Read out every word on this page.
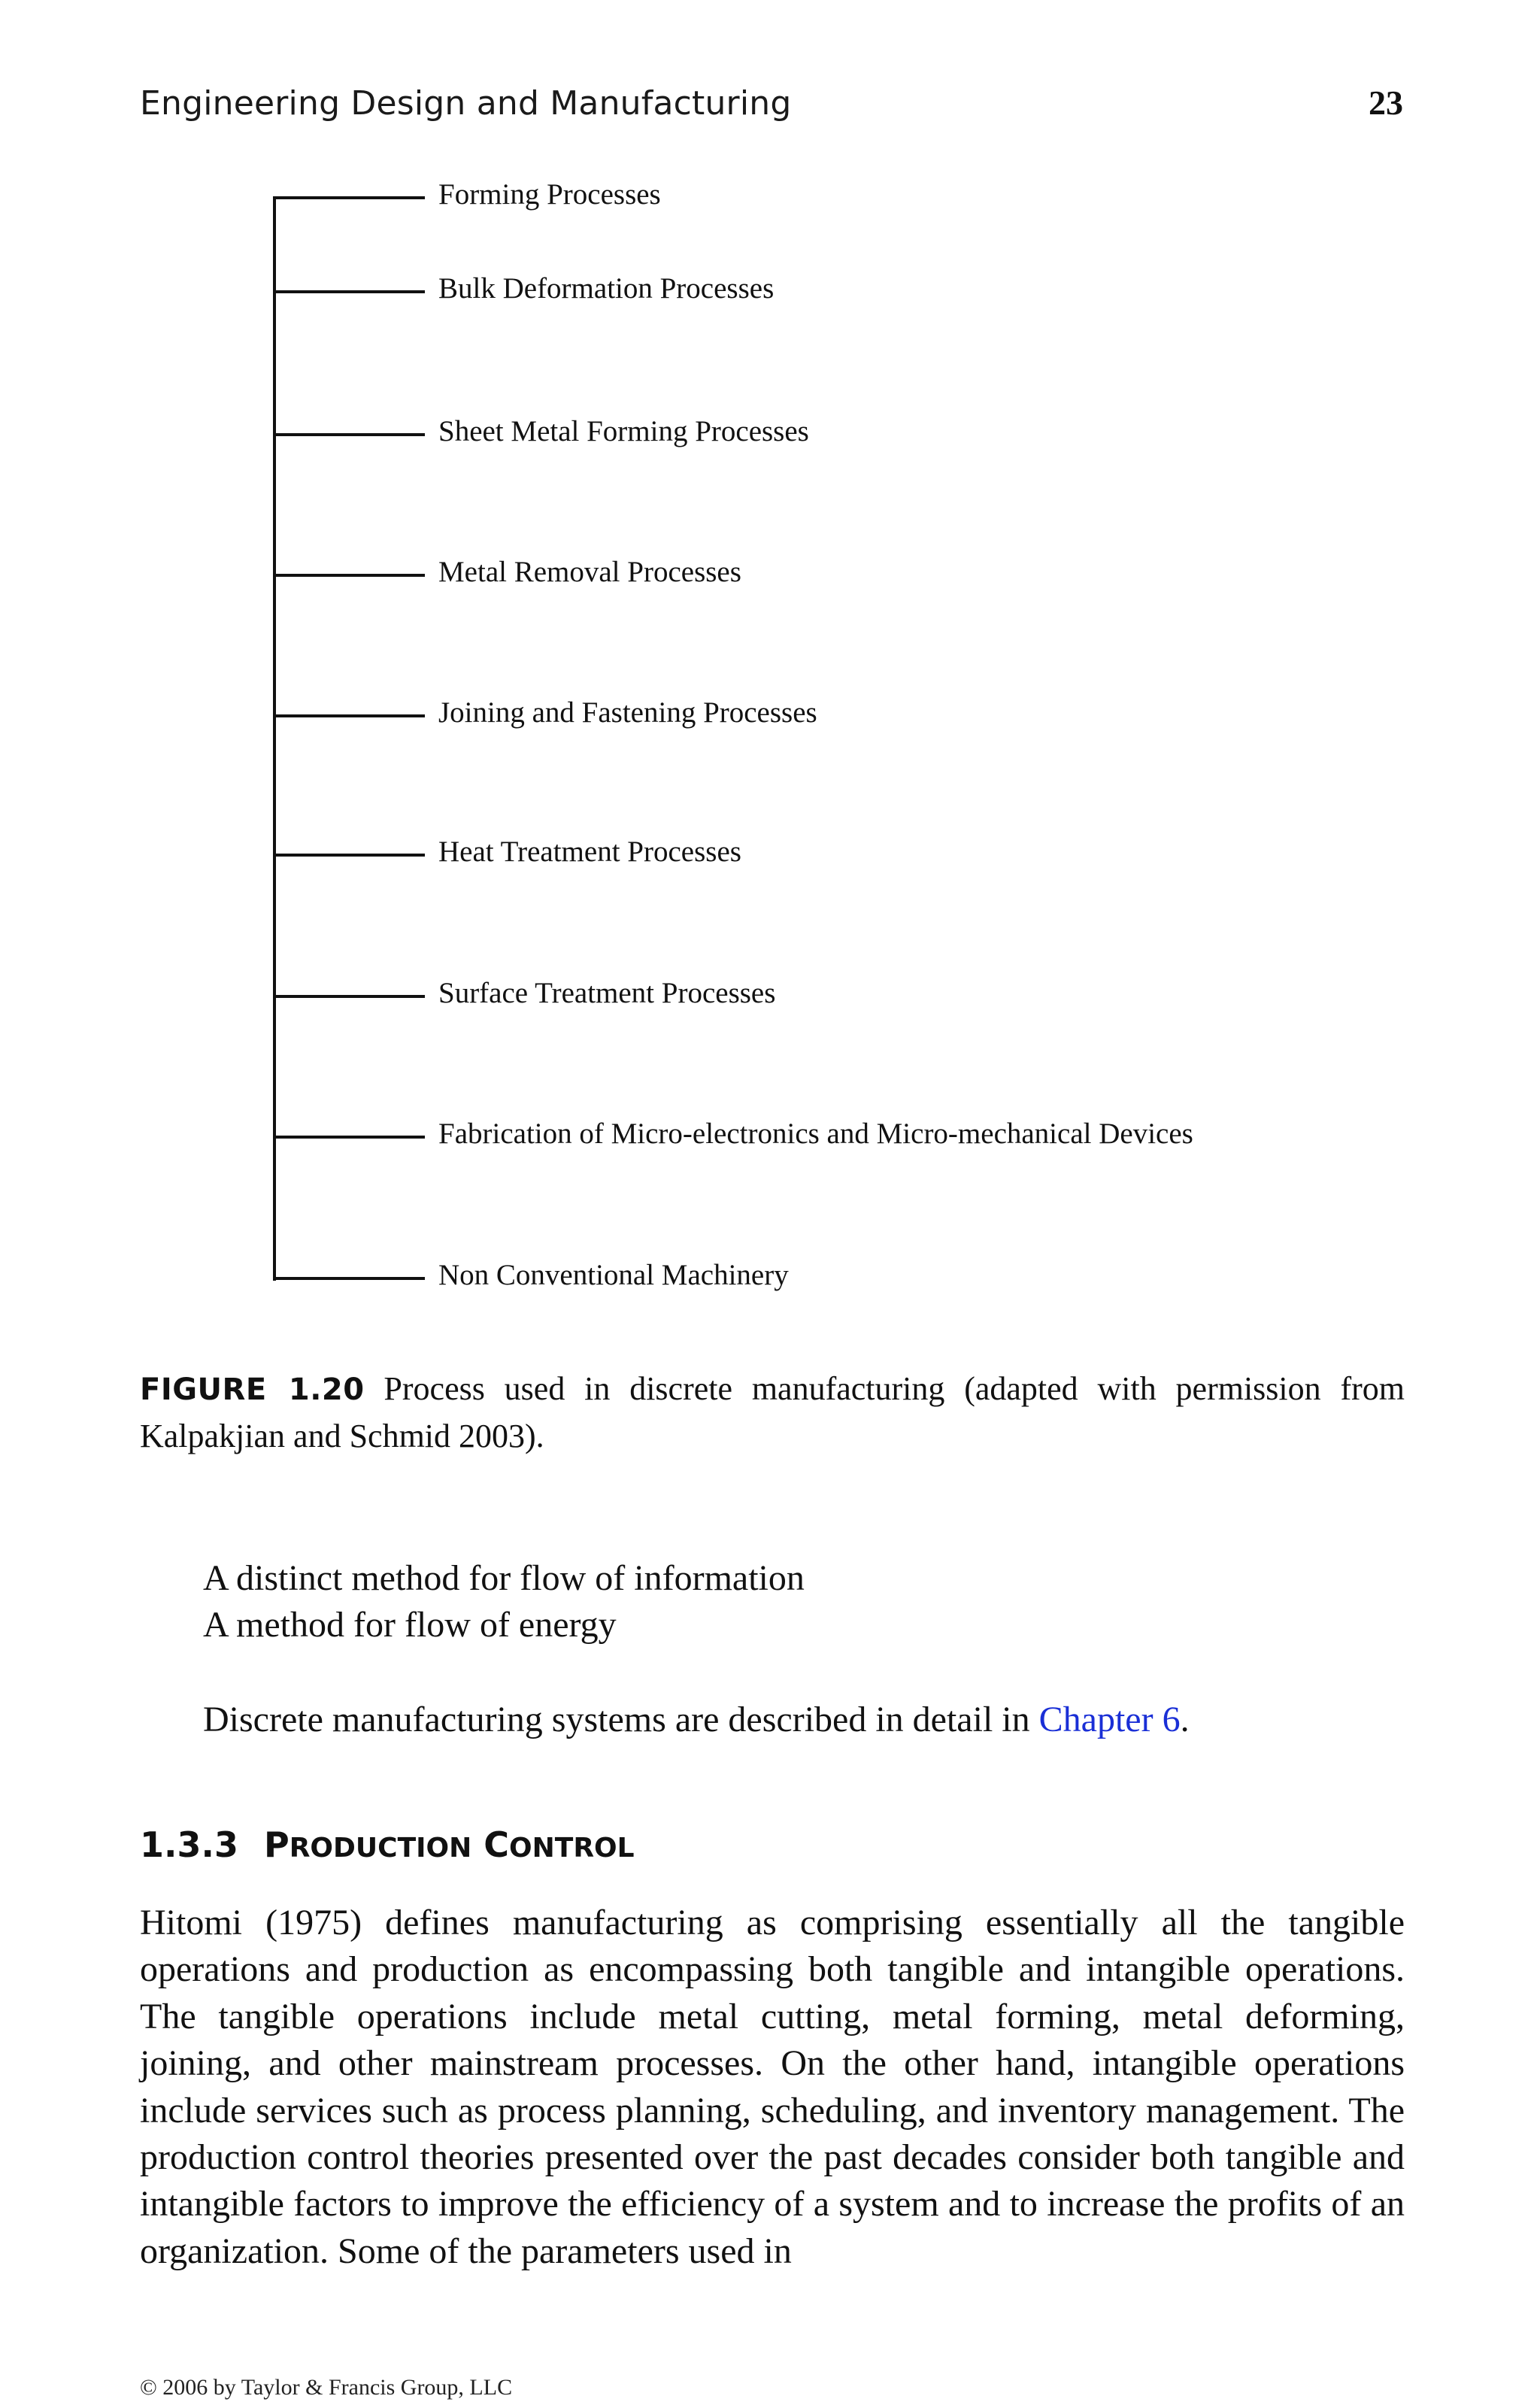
Engineering Design and Manufacturing	23
Forming Processes
Bulk Deformation Processes
Sheet Metal Forming Processes
Metal Removal Processes
Joining and Fastening Processes
Heat Treatment Processes
Surface Treatment Processes
Fabrication of Micro-electronics and Micro-mechanical Devices
Non Conventional Machinery
FIGURE 1.20 Process used in discrete manufacturing (adapted with permission from Kalpakjian and Schmid 2003).
A distinct method for flow of information
A method for flow of energy
Discrete manufacturing systems are described in detail in Chapter 6.
1.3.3 PRODUCTION CONTROL
Hitomi (1975) defines manufacturing as comprising essentially all the tangible operations and production as encompassing both tangible and intangible operations. The tangible operations include metal cutting, metal forming, metal deforming, joining, and other mainstream processes. On the other hand, intangible operations include services such as process planning, scheduling, and inventory management. The production control theories presented over the past decades consider both tangible and intangible factors to improve the efficiency of a system and to increase the profits of an organization. Some of the parameters used in
© 2006 by Taylor & Francis Group, LLC
